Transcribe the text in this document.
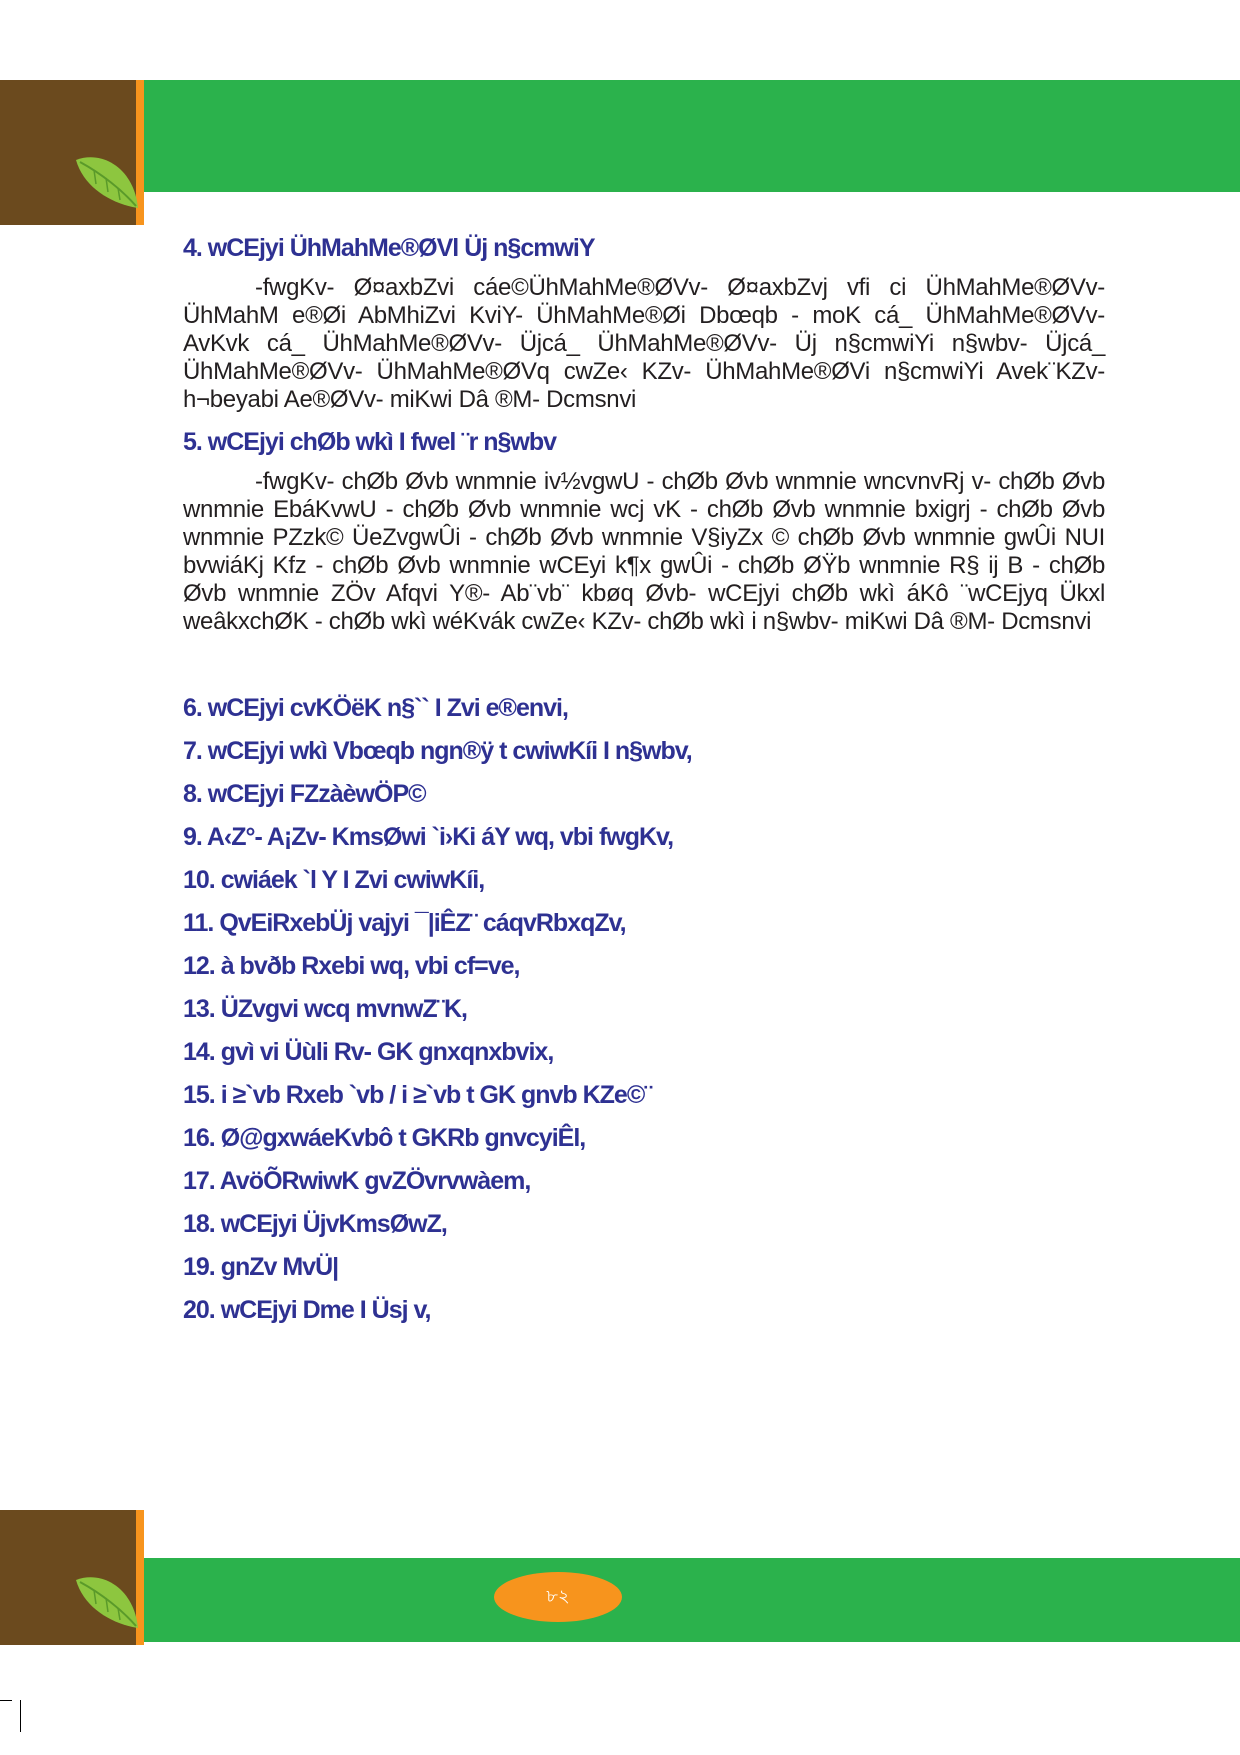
4. wCEjyi ÜhMahMe®ØVl Üj n§cmwiY

-fwgKv- Ø¤axbZvi cáe©ÜhMahMe®ØVv- Ø¤axbZvj vfi ci ÜhMahMe®ØVv- ÜhMahM e®Øi AbMhiZvi KviY- ÜhMahMe®Øi Dbœqb - moK cá_ ÜhMahMe®ØVv- AvKvk cá_ ÜhMahMe®ØVv- Üjcá_ ÜhMahMe®ØVv- Üj n§cmwiYi n§wbv- Üjcá_ ÜhMahMe®ØVv- ÜhMahMe®ØVq cwZe‹ KZv- ÜhMahMe®ØVi n§cmwiYi Avek¨KZv- h¬beyabi Ae®ØVv- miKwi Dâ ®M- Dcmsnvi

5. wCEjyi chØb wkì I fwel ¨r n§wbv

-fwgKv- chØb Øvb wnmnie iv½vgwU - chØb Øvb wnmnie wncvnvRj v- chØb Øvb wnmnie EbáKvwU - chØb Øvb wnmnie wcj vK - chØb Øvb wnmnie bxigrj - chØb Øvb wnmnie PZzk© ÜeZvgwÛi - chØb Øvb wnmnie V§iyZx © chØb Øvb wnmnie gwÛi NUI bvwiáKj Kfz - chØb Øvb wnmnie wCEyi k¶x gwÛi - chØb ØŸb wnmnie R§ ij B - chØb Øvb wnmnie ZÖv Afqvi Y®- Ab¨vb¨ kbøq Øvb- wCEjyi chØb wkì áKô ¨wCEjyq Ükxl weâkxchØK - chØb wkì wéKvák cwZe‹ KZv- chØb wkì i n§wbv- miKwi Dâ ®M- Dcmsnvi

6. wCEjyi cvKÖëK n§`` I Zvi e®envi,
7. wCEjyi wkì Vbœqb ngn®ÿ t cwiwKíi I n§wbv,
8. wCEjyi FZzàèwÖP©
9. A‹Z°- A¡Zv- KmsØwi `i›Ki áY wq, vbi fwgKv,
10. cwiáek `l Y I Zvi cwiwKíi,
11. QvEiRxebÜj vajyi ¯|iÊZ¨ cáqvRbxqZv,
12. à bvðb Rxebi wq, vbi cf=ve,
13. ÜZvgvi wcq mvnwZ¨K,
14. gvì vi Üùli Rv- GK gnxqnxbvix,
15. i ≥`vb Rxeb `vb / i ≥`vb t GK gnvb KZe©¨
16. Ø@gxwáeKvbô t GKRb gnvcyiÊl,
17. AvöÕRwiwK gvZÖvrvwàem,
18. wCEjyi ÜjvKmsØwZ,
19. gnZv MvÜ|
20. wCEjyi Dme I Üsj v,
৮২
